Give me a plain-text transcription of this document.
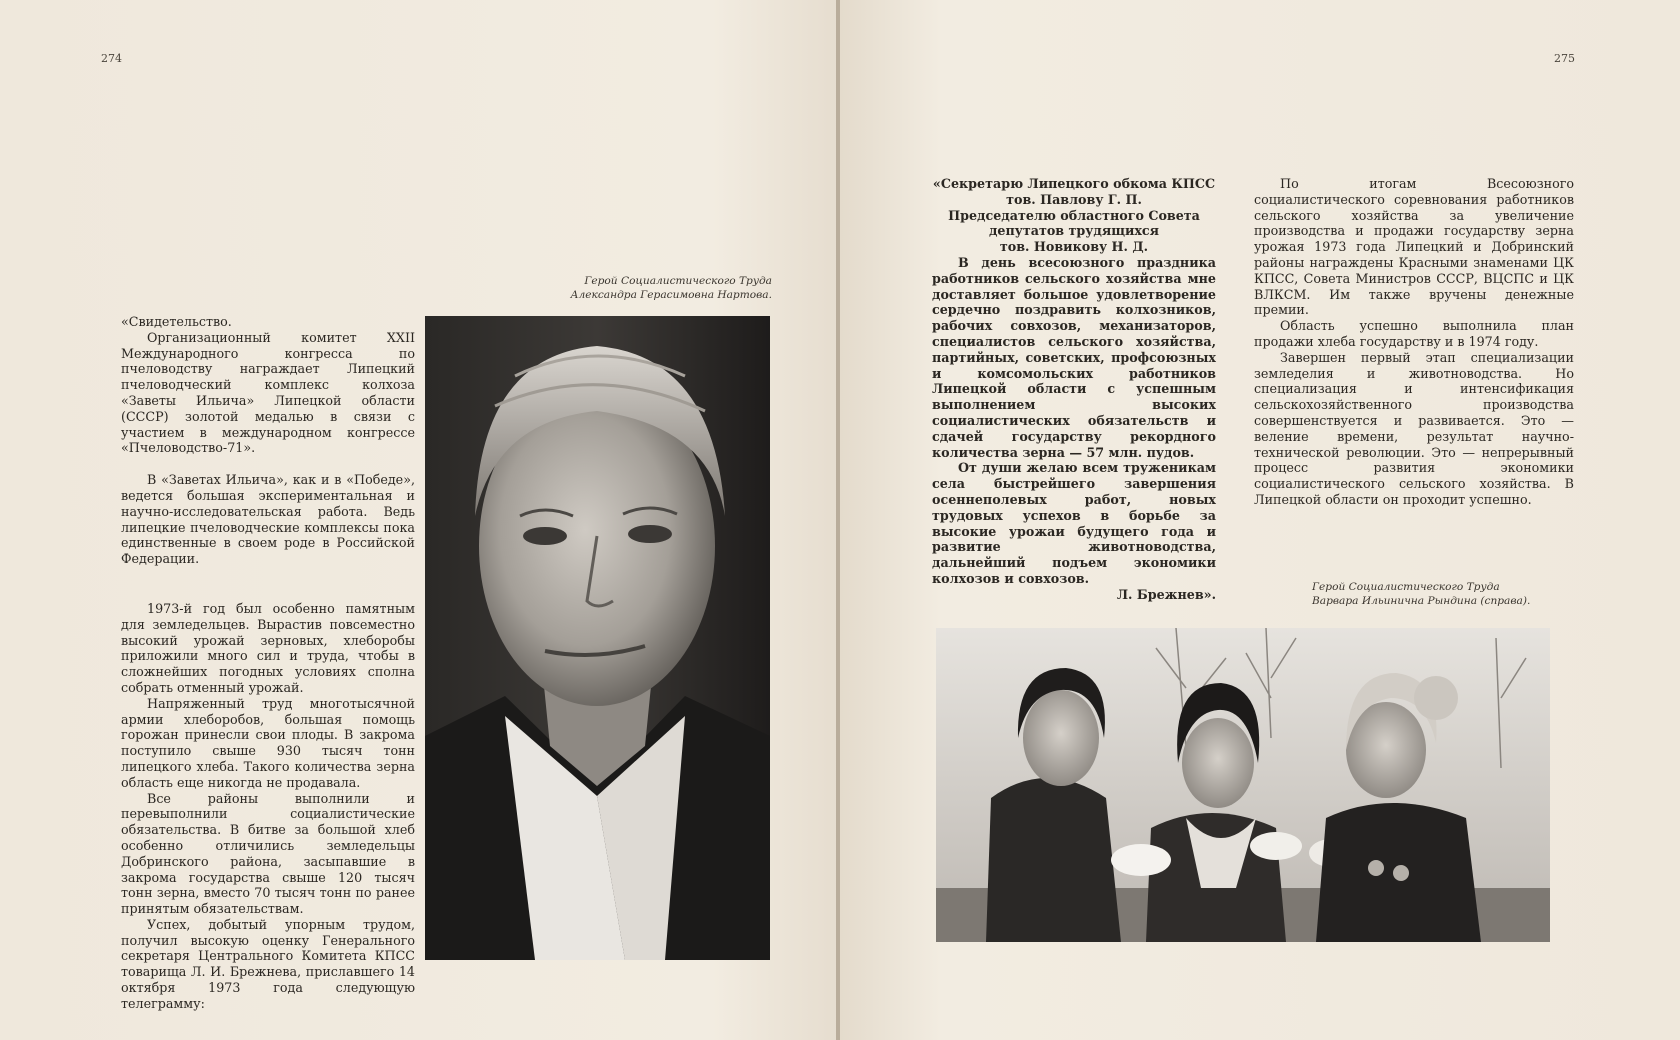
274
Герой Социалистического Труда
Александра Герасимовна Нартова.

«Свидетельство.

Организационный комитет XXII Международного конгресса по пчеловодству награждает Липецкий пчеловодческий комплекс колхоза «Заветы Ильича» Липецкой области (СССР) золотой медалью в связи с участием в международном конгрессе «Пчеловодство-71».

В «Заветах Ильича», как и в «Победе», ведется большая экспериментальная и научно-исследовательская работа. Ведь липецкие пчеловодческие комплексы пока единственные в своем роде в Российской Федерации.

1973-й год был особенно памятным для земледельцев. Вырастив повсеместно высокий урожай зерновых, хлеборобы приложили много сил и труда, чтобы в сложнейших погодных условиях сполна собрать отменный урожай.

Напряженный труд многотысячной армии хлеборобов, большая помощь горожан принесли свои плоды. В закрома поступило свыше 930 тысяч тонн липецкого хлеба. Такого количества зерна область еще никогда не продавала.

Все районы выполнили и перевыполнили социалистические обязательства. В битве за большой хлеб особенно отличились земледельцы Добринского района, засыпавшие в закрома государства свыше 120 тысяч тонн зерна, вместо 70 тысяч тонн по ранее принятым обязательствам.

Успех, добытый упорным трудом, получил высокую оценку Генерального секретаря Центрального Комитета КПСС товарища Л. И. Брежнева, приславшего 14 октября 1973 года следующую телеграмму:

275
«Секретарю Липецкого обкома КПСС
тов. Павлову Г. П.
Председателю областного Совета
депутатов трудящихся
тов. Новикову Н. Д.

В день всесоюзного праздника работников сельского хозяйства мне доставляет большое удовлетворение сердечно поздравить колхозников, рабочих совхозов, механизаторов, специалистов сельского хозяйства, партийных, советских, профсоюзных и комсомольских работников Липецкой области с успешным выполнением высоких социалистических обязательств и сдачей государству рекордного количества зерна — 57 млн. пудов.

От души желаю всем труженикам села быстрейшего завершения осеннеполевых работ, новых трудовых успехов в борьбе за высокие урожаи будущего года и развитие животноводства, дальнейший подъем экономики колхозов и совхозов.

Л. Брежнев».

По итогам Всесоюзного социалистического соревнования работников сельского хозяйства за увеличение производства и продажи государству зерна урожая 1973 года Липецкий и Добринский районы награждены Красными знаменами ЦК КПСС, Совета Министров СССР, ВЦСПС и ЦК ВЛКСМ. Им также вручены денежные премии.

Область успешно выполнила план продажи хлеба государству и в 1974 году.

Завершен первый этап специализации земледелия и животноводства. Но специализация и интенсификация сельскохозяйственного производства совершенствуется и развивается. Это — веление времени, результат научно-технической революции. Это — непрерывный процесс развития экономики социалистического сельского хозяйства. В Липецкой области он проходит успешно.

Герой Социалистического Труда
Варвара Ильинична Рындина (справа).
